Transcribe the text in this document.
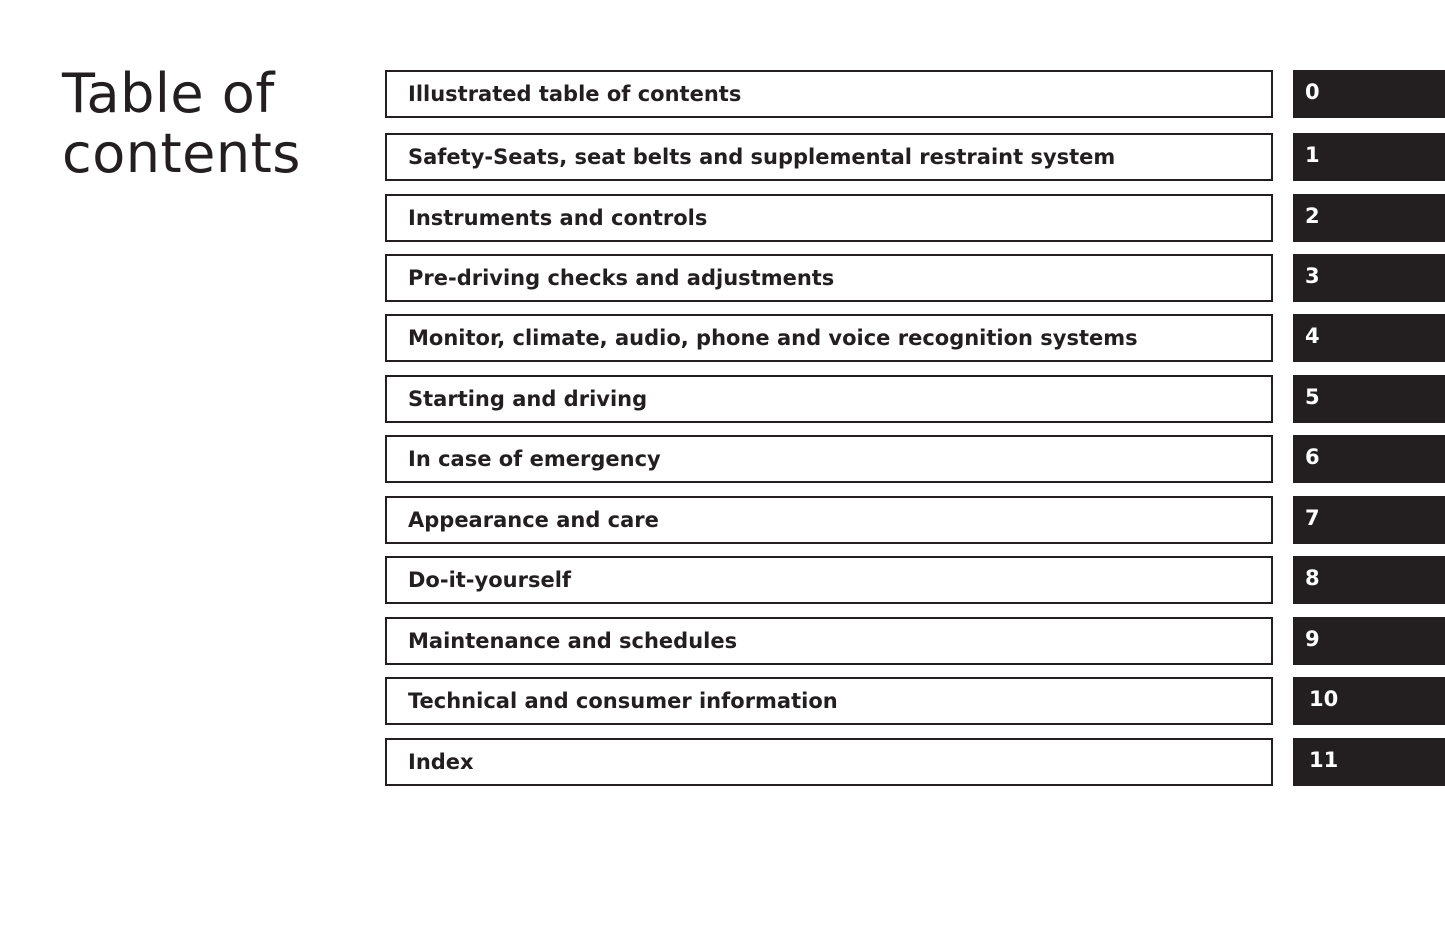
Table of
contents
Illustrated table of contents	0
Safety-Seats, seat belts and supplemental restraint system	1
Instruments and controls	2
Pre-driving checks and adjustments	3
Monitor, climate, audio, phone and voice recognition systems	4
Starting and driving	5
In case of emergency	6
Appearance and care	7
Do-it-yourself	8
Maintenance and schedules	9
Technical and consumer information	10
Index	11
